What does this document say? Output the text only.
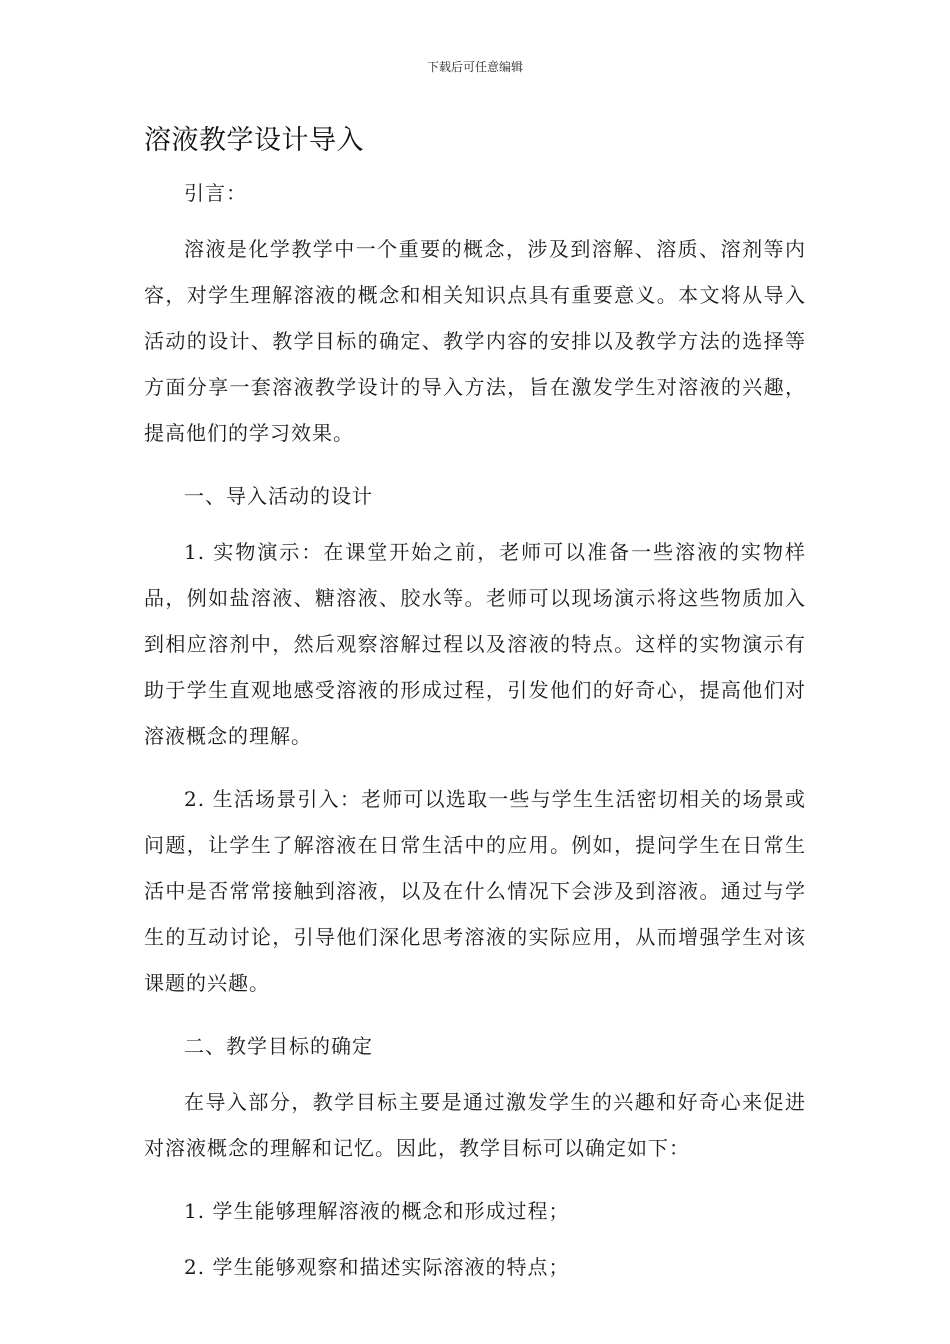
下载后可任意编辑
溶液教学设计导入

引言：

溶液是化学教学中一个重要的概念，涉及到溶解、溶质、溶剂等内容，对学生理解溶液的概念和相关知识点具有重要意义。本文将从导入活动的设计、教学目标的确定、教学内容的安排以及教学方法的选择等方面分享一套溶液教学设计的导入方法，旨在激发学生对溶液的兴趣，提高他们的学习效果。

一、导入活动的设计

1. 实物演示：在课堂开始之前，老师可以准备一些溶液的实物样品，例如盐溶液、糖溶液、胶水等。老师可以现场演示将这些物质加入到相应溶剂中，然后观察溶解过程以及溶液的特点。这样的实物演示有助于学生直观地感受溶液的形成过程，引发他们的好奇心，提高他们对溶液概念的理解。

2. 生活场景引入：老师可以选取一些与学生生活密切相关的场景或问题，让学生了解溶液在日常生活中的应用。例如，提问学生在日常生活中是否常常接触到溶液，以及在什么情况下会涉及到溶液。通过与学生的互动讨论，引导他们深化思考溶液的实际应用，从而增强学生对该课题的兴趣。

二、教学目标的确定

在导入部分，教学目标主要是通过激发学生的兴趣和好奇心来促进对溶液概念的理解和记忆。因此，教学目标可以确定如下：

1. 学生能够理解溶液的概念和形成过程；

2. 学生能够观察和描述实际溶液的特点；
